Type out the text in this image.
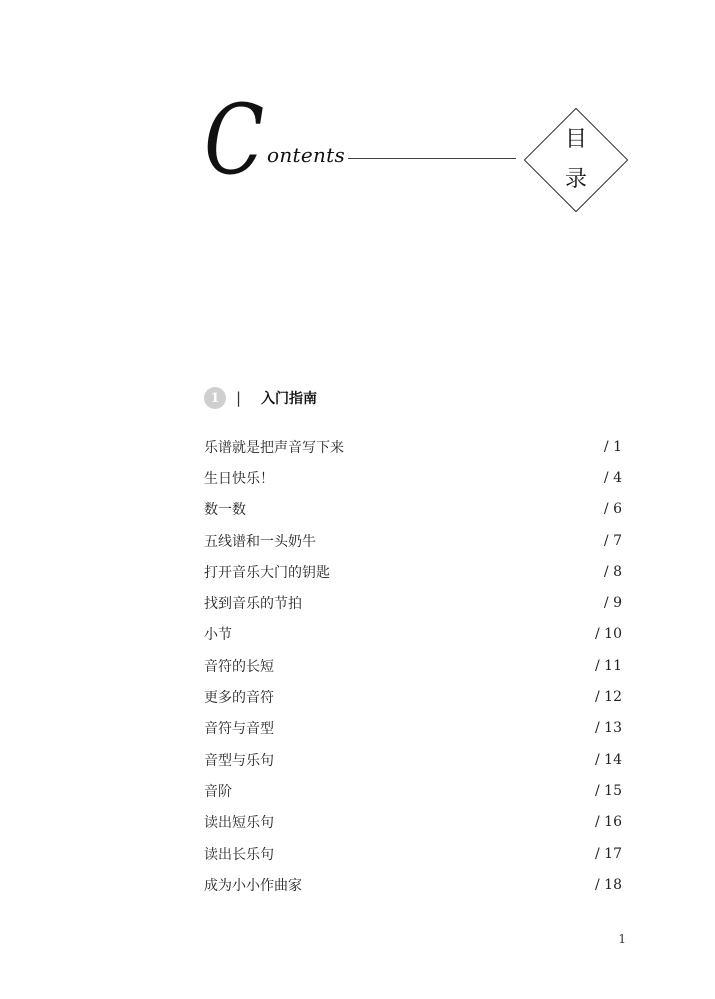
C ontents
目
录
1	| 入门指南
乐谱就是把声音写下来	/ 1
生日快乐！	/ 4
数一数	/ 6
五线谱和一头奶牛	/ 7
打开音乐大门的钥匙	/ 8
找到音乐的节拍	/ 9
小节	/ 10
音符的长短	/ 11
更多的音符	/ 12
音符与音型	/ 13
音型与乐句	/ 14
音阶	/ 15
读出短乐句	/ 16
读出长乐句	/ 17
成为小小作曲家	/ 18
1
